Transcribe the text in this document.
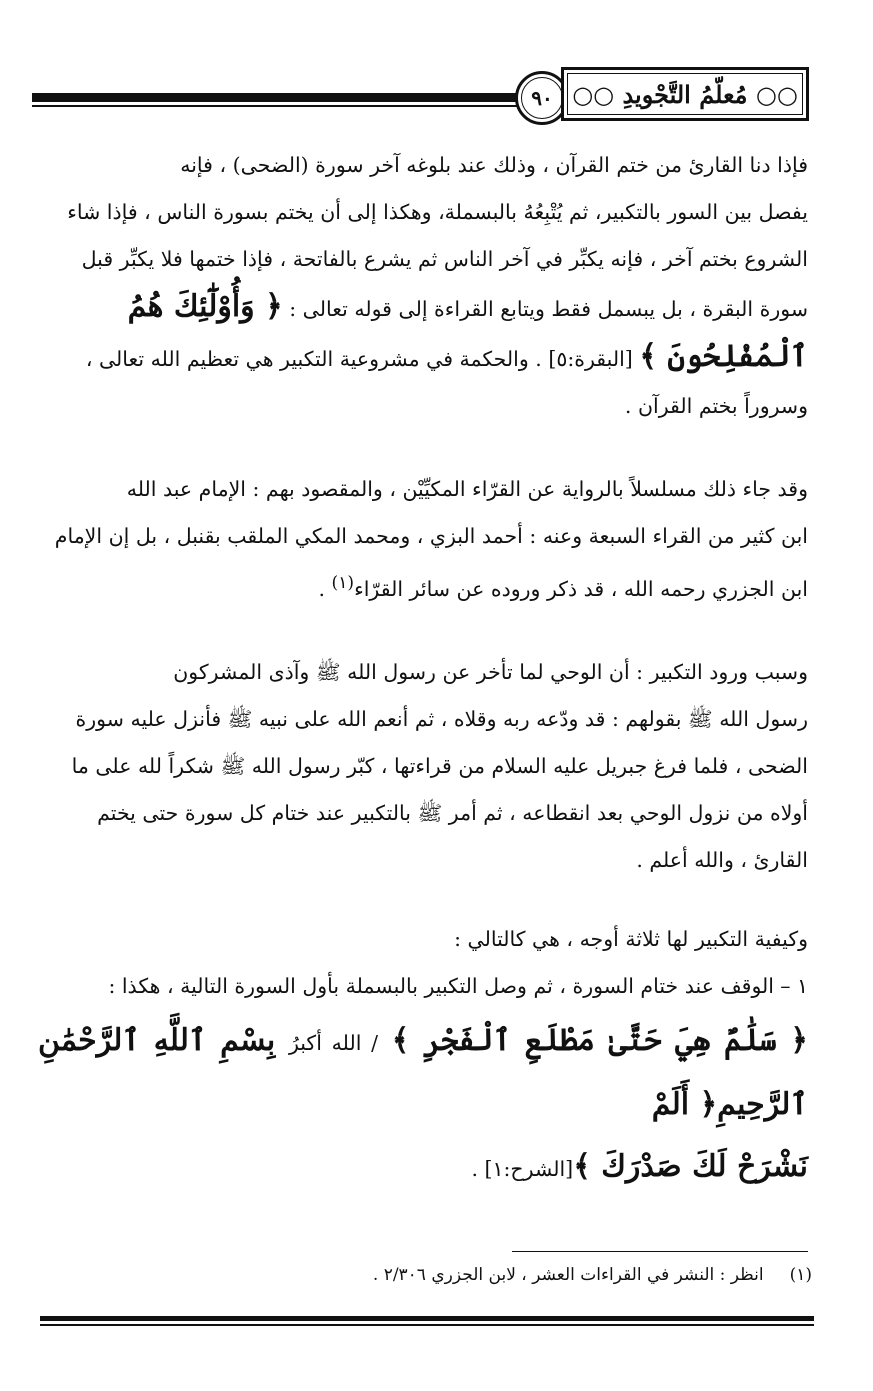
٩٠ ○○ مُعلّمُ التَّجْويدِ ○○

فإذا دنا القارئ من ختم القرآن ، وذلك عند بلوغه آخر سورة (الضحى) ، فإنه
يفصل بين السور بالتكبير، ثم يُتْبِعُهُ بالبسملة، وهكذا إلى أن يختم بسورة الناس ، فإذا شاء
الشروع بختم آخر ، فإنه يكبِّر في آخر الناس ثم يشرع بالفاتحة ، فإذا ختمها فلا يكبِّر قبل
سورة البقرة ، بل يبسمل فقط ويتابع القراءة إلى قوله تعالى : ﴿ وَأُوْلَٰٓئِكَ هُمُ
ٱلْمُفْلِحُونَ ﴾ [البقرة:٥] . والحكمة في مشروعية التكبير هي تعظيم الله تعالى ،
وسروراً بختم القرآن .

وقد جاء ذلك مسلسلاً بالرواية عن القرّاء المكيِّيْن ، والمقصود بهم : الإمام عبد الله
ابن كثير من القراء السبعة وعنه : أحمد البزي ، ومحمد المكي الملقب بقنبل ، بل إن الإمام
ابن الجزري رحمه الله ، قد ذكر وروده عن سائر القرّاء$^{(١)}$ .

وسبب ورود التكبير : أن الوحي لما تأخر عن رسول الله ﷺ وآذى المشركون
رسول الله ﷺ بقولهم : قد ودّعه ربه وقلاه ، ثم أنعم الله على نبيه ﷺ فأنزل عليه سورة
الضحى ، فلما فرغ جبريل عليه السلام من قراءتها ، كبّر رسول الله ﷺ شكراً لله على ما
أولاه من نزول الوحي بعد انقطاعه ، ثم أمر ﷺ بالتكبير عند ختام كل سورة حتى يختم
القارئ ، والله أعلم .

وكيفية التكبير لها ثلاثة أوجه ، هي كالتالي :
١ –الوقف عند ختام السورة ، ثم وصل التكبير بالبسملة بأول السورة التالية ، هكذا :

﴿ سَلَٰمٌ هِيَ حَتَّىٰ مَطْلَعِ ٱلْفَجْرِ ﴾ / الله أكبرُ بِسْمِ ٱللَّهِ ٱلرَّحْمَٰنِ ٱلرَّحِيمِ﴿ أَلَمْ

نَشْرَحْ لَكَ صَدْرَكَ ﴾[الشرح:١] .

(١)انظر : النشر في القراءات العشر ، لابن الجزري ٢/٣٠٦ .
